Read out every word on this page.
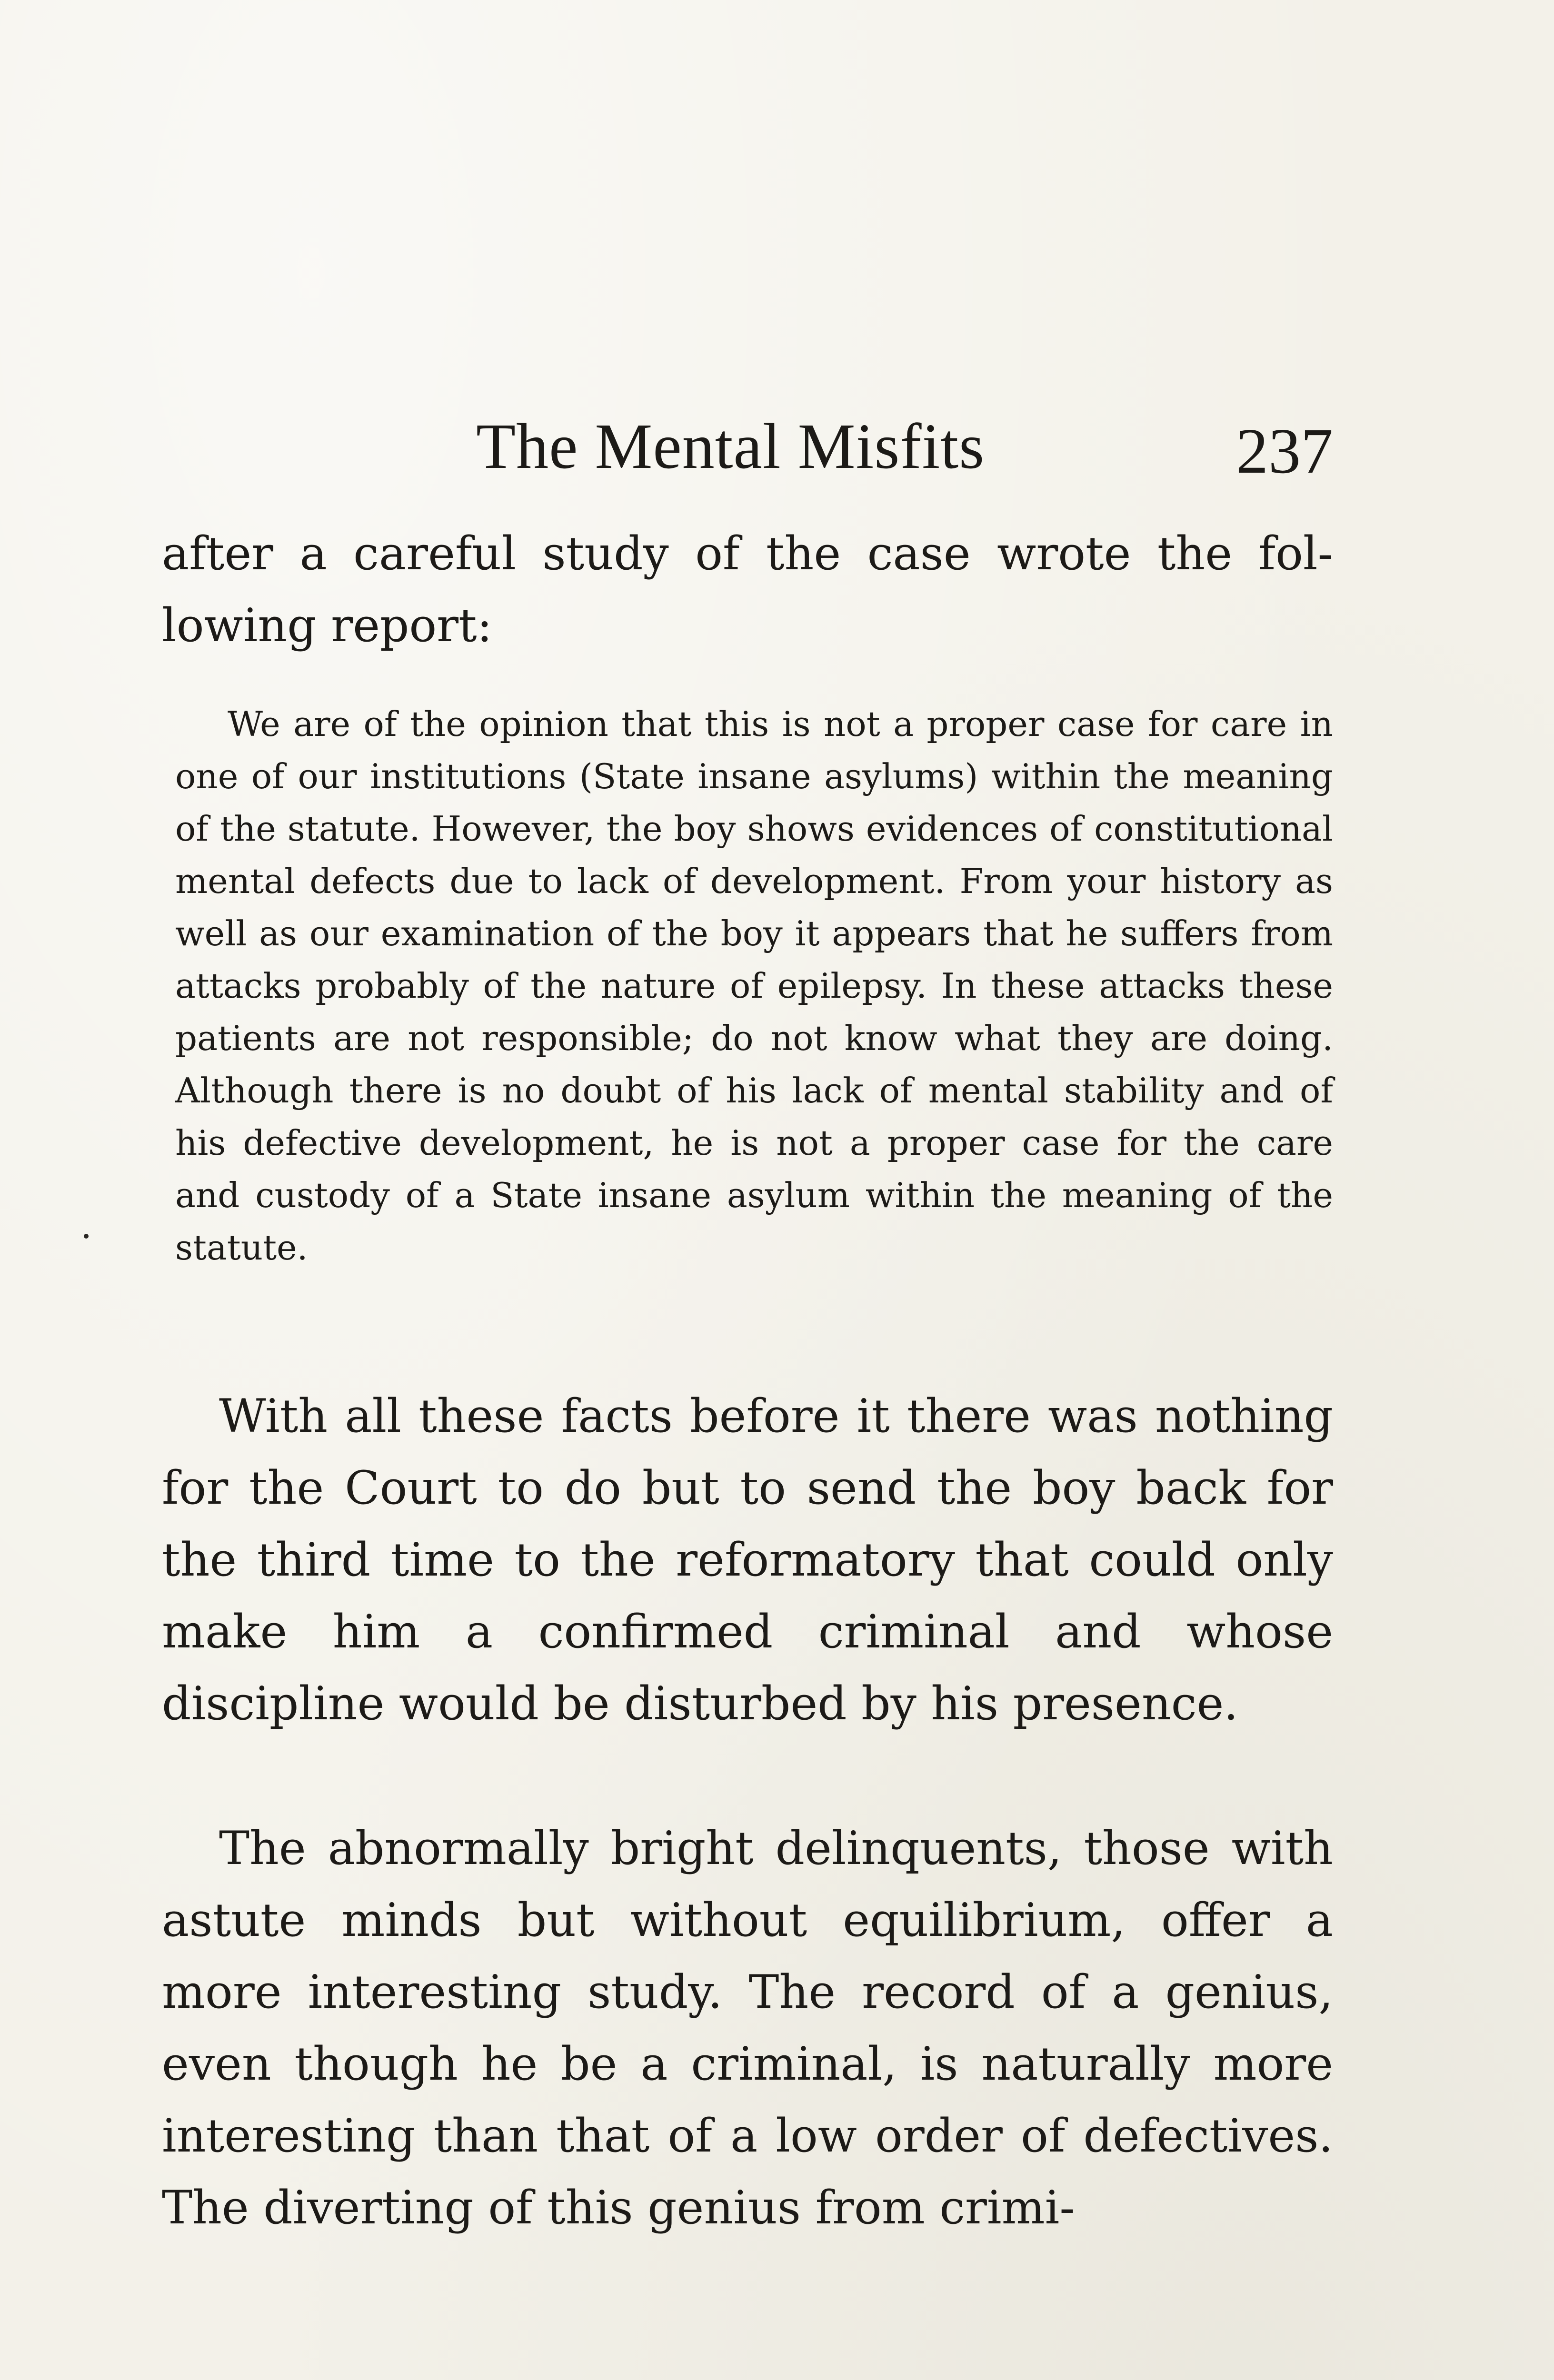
The Mental Misfits	237
after a careful study of the case wrote the following report:
We are of the opinion that this is not a proper case for care in one of our institutions (State insane asylums) within the meaning of the statute. However, the boy shows evidences of constitutional mental defects due to lack of development. From your history as well as our examination of the boy it appears that he suffers from attacks probably of the nature of epilepsy. In these attacks these patients are not responsible; do not know what they are doing. Although there is no doubt of his lack of mental stability and of his defective development, he is not a proper case for the care and custody of a State insane asylum within the meaning of the statute.
With all these facts before it there was nothing for the Court to do but to send the boy back for the third time to the reformatory that could only make him a confirmed criminal and whose discipline would be disturbed by his presence.
The abnormally bright delinquents, those with astute minds but without equilibrium, offer a more interesting study. The record of a genius, even though he be a criminal, is naturally more interesting than that of a low order of defectives. The diverting of this genius from crimi-
